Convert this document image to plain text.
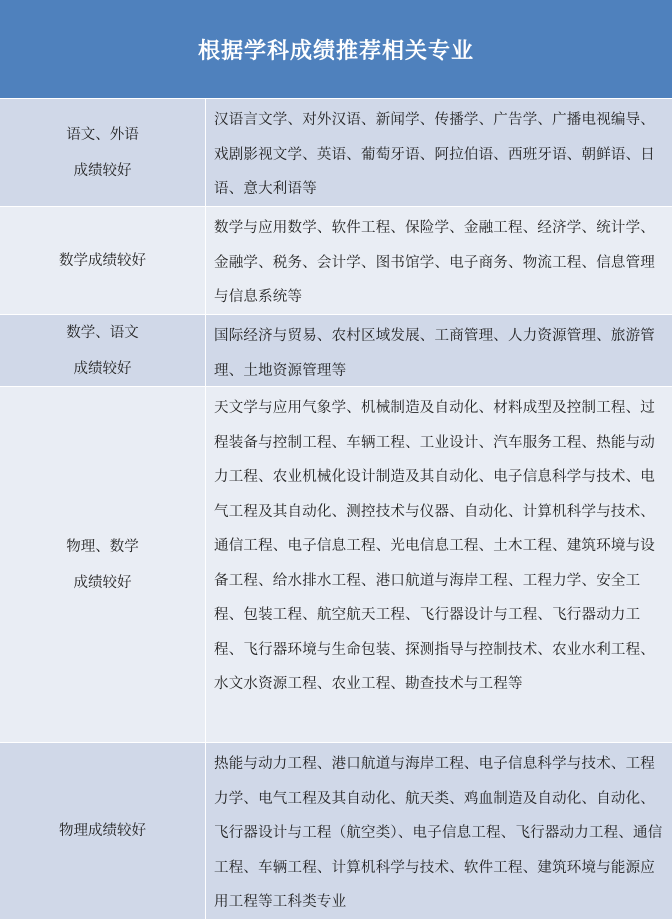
根据学科成绩推荐相关专业
语文、外语
成绩较好
汉语言文学、对外汉语、新闻学、传播学、广告学、广播电视编导、戏剧影视文学、英语、葡萄牙语、阿拉伯语、西班牙语、朝鲜语、日语、意大利语等
数学成绩较好
数学与应用数学、软件工程、保险学、金融工程、经济学、统计学、金融学、税务、会计学、图书馆学、电子商务、物流工程、信息管理与信息系统等
数学、语文
成绩较好
国际经济与贸易、农村区域发展、工商管理、人力资源管理、旅游管理、土地资源管理等
物理、数学
成绩较好
天文学与应用气象学、机械制造及自动化、材料成型及控制工程、过程装备与控制工程、车辆工程、工业设计、汽车服务工程、热能与动力工程、农业机械化设计制造及其自动化、电子信息科学与技术、电气工程及其自动化、测控技术与仪器、自动化、计算机科学与技术、通信工程、电子信息工程、光电信息工程、土木工程、建筑环境与设备工程、给水排水工程、港口航道与海岸工程、工程力学、安全工程、包装工程、航空航天工程、飞行器设计与工程、飞行器动力工程、飞行器环境与生命包装、探测指导与控制技术、农业水利工程、水文水资源工程、农业工程、勘查技术与工程等
物理成绩较好
热能与动力工程、港口航道与海岸工程、电子信息科学与技术、工程力学、电气工程及其自动化、航天类、鸡血制造及自动化、自动化、飞行器设计与工程（航空类）、电子信息工程、飞行器动力工程、通信工程、车辆工程、计算机科学与技术、软件工程、建筑环境与能源应用工程等工科类专业
